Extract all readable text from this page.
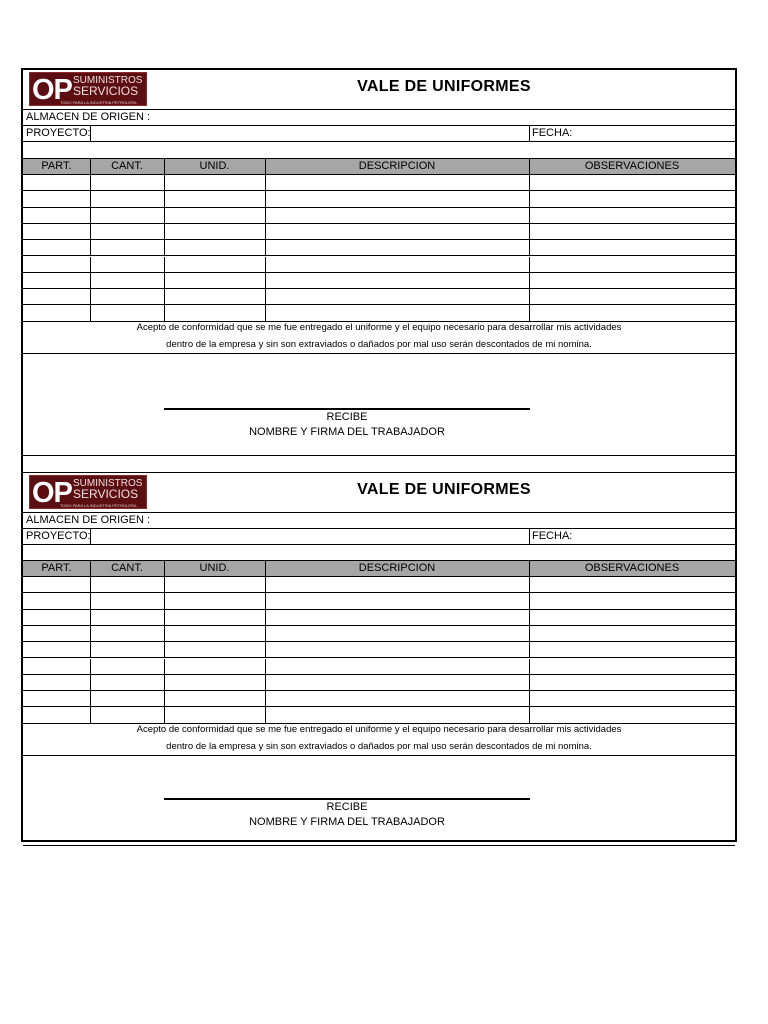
OP SUMINISTROS
SERVICIOS
TODO PARA LA INDUSTRIA PETROLERA
VALE DE UNIFORMES
ALMACEN DE ORIGEN :
PROYECTO:	FECHA:
PART.	CANT.	UNID.	DESCRIPCION	OBSERVACIONES
Acepto de conformidad que se me fue entregado el uniforme y el equipo necesario para desarrollar mis actividades
dentro de la empresa y sin son extraviados o dañados por mal uso serán descontados de mi nomina.
RECIBE
NOMBRE Y FIRMA DEL TRABAJADOR
OP SUMINISTROS
SERVICIOS
TODO PARA LA INDUSTRIA PETROLERA
VALE DE UNIFORMES
ALMACEN DE ORIGEN :
PROYECTO:	FECHA:
PART.	CANT.	UNID.	DESCRIPCION	OBSERVACIONES
Acepto de conformidad que se me fue entregado el uniforme y el equipo necesario para desarrollar mis actividades
dentro de la empresa y sin son extraviados o dañados por mal uso serán descontados de mi nomina.
RECIBE
NOMBRE Y FIRMA DEL TRABAJADOR
